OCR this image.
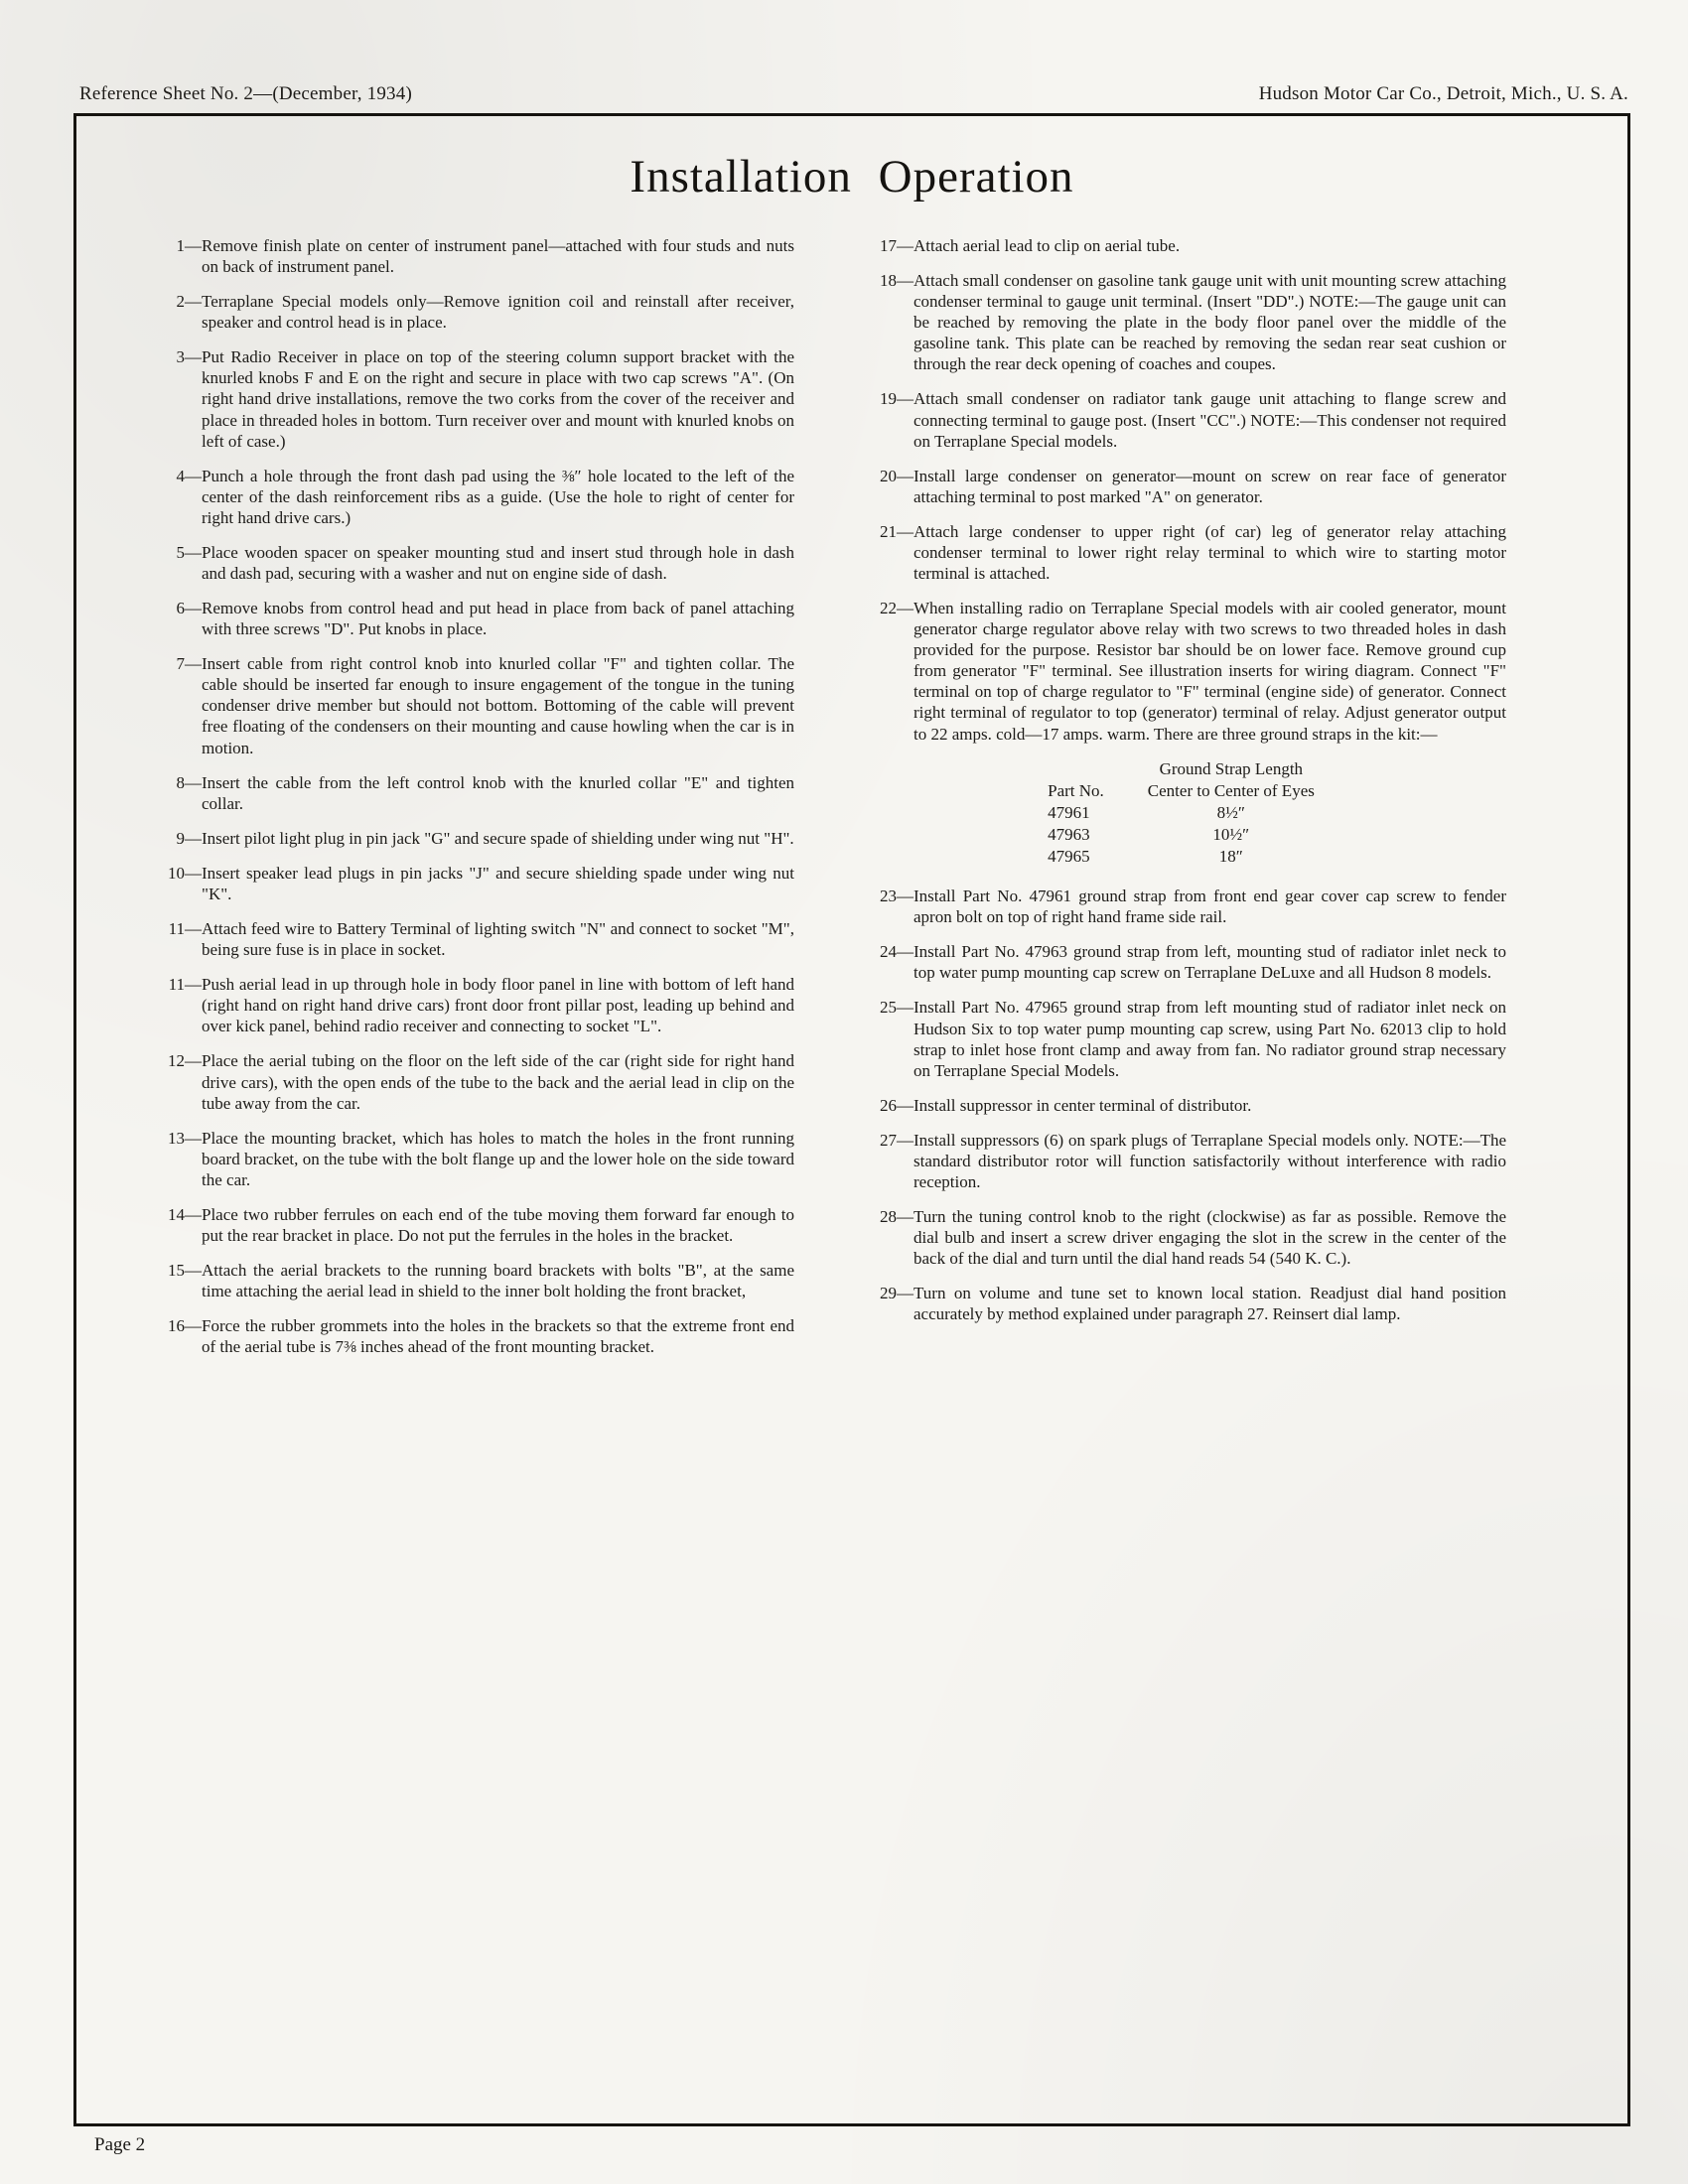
Reference Sheet No. 2—(December, 1934)	Hudson Motor Car Co., Detroit, Mich., U. S. A.
Installation Operation
1— Remove finish plate on center of instrument panel—attached with four studs and nuts on back of instrument panel.
2— Terraplane Special models only—Remove ignition coil and reinstall after receiver, speaker and control head is in place.
3— Put Radio Receiver in place on top of the steering column support bracket with the knurled knobs F and E on the right and secure in place with two cap screws "A". (On right hand drive installations, remove the two corks from the cover of the receiver and place in threaded holes in bottom. Turn receiver over and mount with knurled knobs on left of case.)
4— Punch a hole through the front dash pad using the ⅜″ hole located to the left of the center of the dash reinforcement ribs as a guide. (Use the hole to right of center for right hand drive cars.)
5— Place wooden spacer on speaker mounting stud and insert stud through hole in dash and dash pad, securing with a washer and nut on engine side of dash.
6— Remove knobs from control head and put head in place from back of panel attaching with three screws "D". Put knobs in place.
7— Insert cable from right control knob into knurled collar "F" and tighten collar. The cable should be inserted far enough to insure engagement of the tongue in the tuning condenser drive member but should not bottom. Bottoming of the cable will prevent free floating of the condensers on their mounting and cause howling when the car is in motion.
8— Insert the cable from the left control knob with the knurled collar "E" and tighten collar.
9— Insert pilot light plug in pin jack "G" and secure spade of shielding under wing nut "H".
10— Insert speaker lead plugs in pin jacks "J" and secure shielding spade under wing nut "K".
11— Attach feed wire to Battery Terminal of lighting switch "N" and connect to socket "M", being sure fuse is in place in socket.
11— Push aerial lead in up through hole in body floor panel in line with bottom of left hand (right hand on right hand drive cars) front door front pillar post, leading up behind and over kick panel, behind radio receiver and connecting to socket "L".
12— Place the aerial tubing on the floor on the left side of the car (right side for right hand drive cars), with the open ends of the tube to the back and the aerial lead in clip on the tube away from the car.
13— Place the mounting bracket, which has holes to match the holes in the front running board bracket, on the tube with the bolt flange up and the lower hole on the side toward the car.
14— Place two rubber ferrules on each end of the tube moving them forward far enough to put the rear bracket in place. Do not put the ferrules in the holes in the bracket.
15— Attach the aerial brackets to the running board brackets with bolts "B", at the same time attaching the aerial lead in shield to the inner bolt holding the front bracket,
16— Force the rubber grommets into the holes in the brackets so that the extreme front end of the aerial tube is 7⅜ inches ahead of the front mounting bracket.
17— Attach aerial lead to clip on aerial tube.
18— Attach small condenser on gasoline tank gauge unit with unit mounting screw attaching condenser terminal to gauge unit terminal. (Insert "DD".) NOTE:—The gauge unit can be reached by removing the plate in the body floor panel over the middle of the gasoline tank. This plate can be reached by removing the sedan rear seat cushion or through the rear deck opening of coaches and coupes.
19— Attach small condenser on radiator tank gauge unit attaching to flange screw and connecting terminal to gauge post. (Insert "CC".) NOTE:—This condenser not required on Terraplane Special models.
20— Install large condenser on generator—mount on screw on rear face of generator attaching terminal to post marked "A" on generator.
21— Attach large condenser to upper right (of car) leg of generator relay attaching condenser terminal to lower right relay terminal to which wire to starting motor terminal is attached.
22— When installing radio on Terraplane Special models with air cooled generator, mount generator charge regulator above relay with two screws to two threaded holes in dash provided for the purpose. Resistor bar should be on lower face. Remove ground cup from generator "F" terminal. See illustration inserts for wiring diagram. Connect "F" terminal on top of charge regulator to "F" terminal (engine side) of generator. Connect right terminal of regulator to top (generator) terminal of relay. Adjust generator output to 22 amps. cold—17 amps. warm. There are three ground straps in the kit:—
	Ground Strap Length
Part No.	Center to Center of Eyes
47961	8½″
47963	10½″
47965	18″
23— Install Part No. 47961 ground strap from front end gear cover cap screw to fender apron bolt on top of right hand frame side rail.
24— Install Part No. 47963 ground strap from left, mounting stud of radiator inlet neck to top water pump mounting cap screw on Terraplane DeLuxe and all Hudson 8 models.
25— Install Part No. 47965 ground strap from left mounting stud of radiator inlet neck on Hudson Six to top water pump mounting cap screw, using Part No. 62013 clip to hold strap to inlet hose front clamp and away from fan. No radiator ground strap necessary on Terraplane Special Models.
26— Install suppressor in center terminal of distributor.
27— Install suppressors (6) on spark plugs of Terraplane Special models only. NOTE:—The standard distributor rotor will function satisfactorily without interference with radio reception.
28— Turn the tuning control knob to the right (clockwise) as far as possible. Remove the dial bulb and insert a screw driver engaging the slot in the screw in the center of the back of the dial and turn until the dial hand reads 54 (540 K. C.).
29— Turn on volume and tune set to known local station. Readjust dial hand position accurately by method explained under paragraph 27. Reinsert dial lamp.
Page 2
